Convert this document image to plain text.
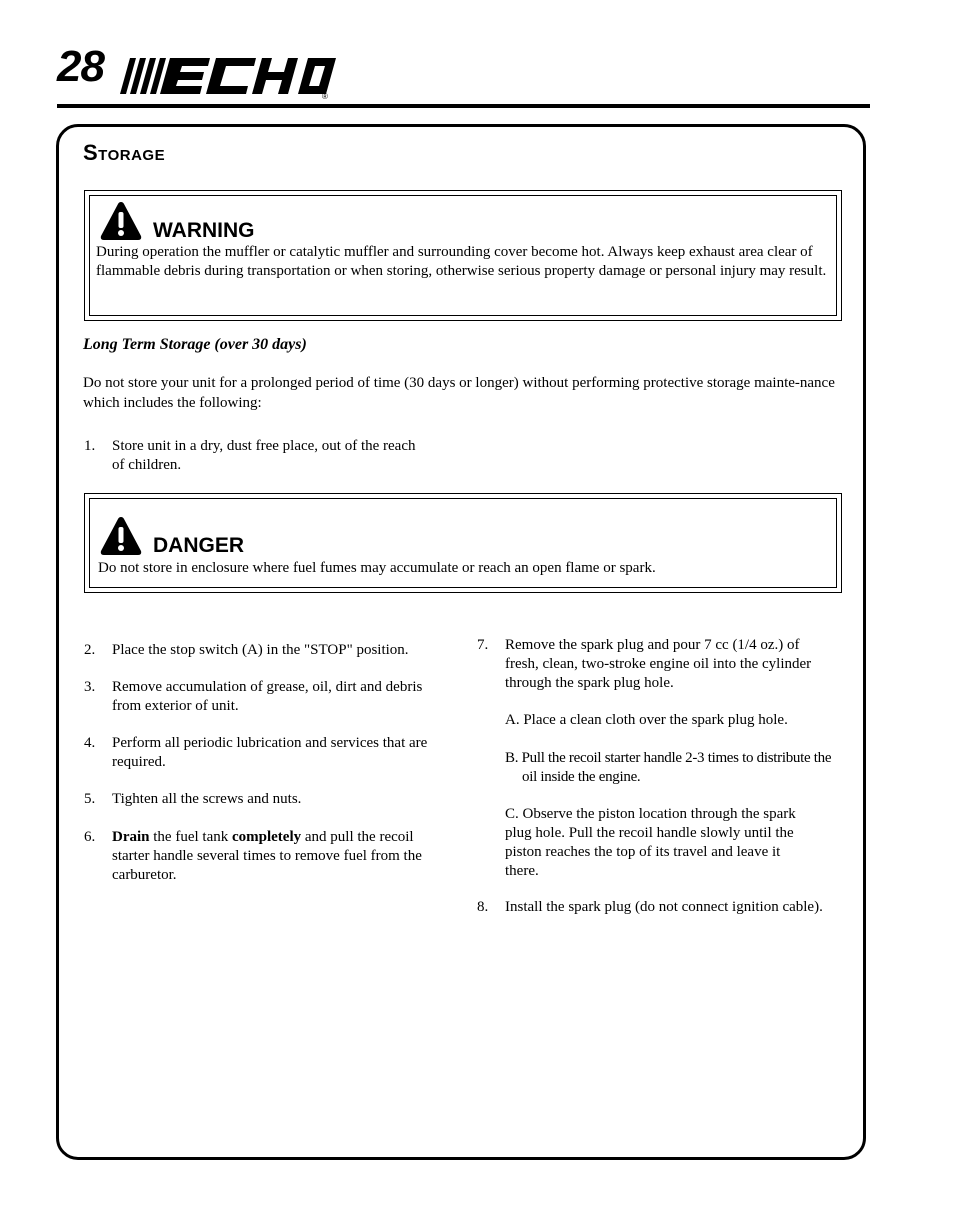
28
®
Storage
WARNING
During operation the muffler or catalytic muffler and surrounding cover become hot. Always keep exhaust area clear of flammable debris during transportation or when storing, otherwise serious property damage or personal injury may result.
Long Term Storage (over 30 days)
Do not store your unit for a prolonged period of time (30 days or longer) without performing protective storage mainte-nance which includes the following:
1. Store unit in a dry, dust free place, out of the reach
of children.
DANGER
Do not store in enclosure where fuel fumes may accumulate or reach an open flame or spark.
2. Place the stop switch (A) in the "STOP" position.
3. Remove accumulation of grease, oil, dirt and debris from exterior of unit.
4. Perform all periodic lubrication and services that are required.
5. Tighten all the screws and nuts.
6. Drain the fuel tank completely and pull the recoil starter handle several times to remove fuel from the carburetor.
7. Remove the spark plug and pour 7 cc (1/4 oz.) of fresh, clean, two-stroke engine oil into the cylinder through the spark plug hole.
A. Place a clean cloth over the spark plug hole.
B. Pull the recoil starter handle 2-3 times to distribute the oil inside the engine.
C. Observe the piston location through the spark plug hole. Pull the recoil handle slowly until the piston reaches the top of its travel and leave it there.
8. Install the spark plug (do not connect ignition cable).
